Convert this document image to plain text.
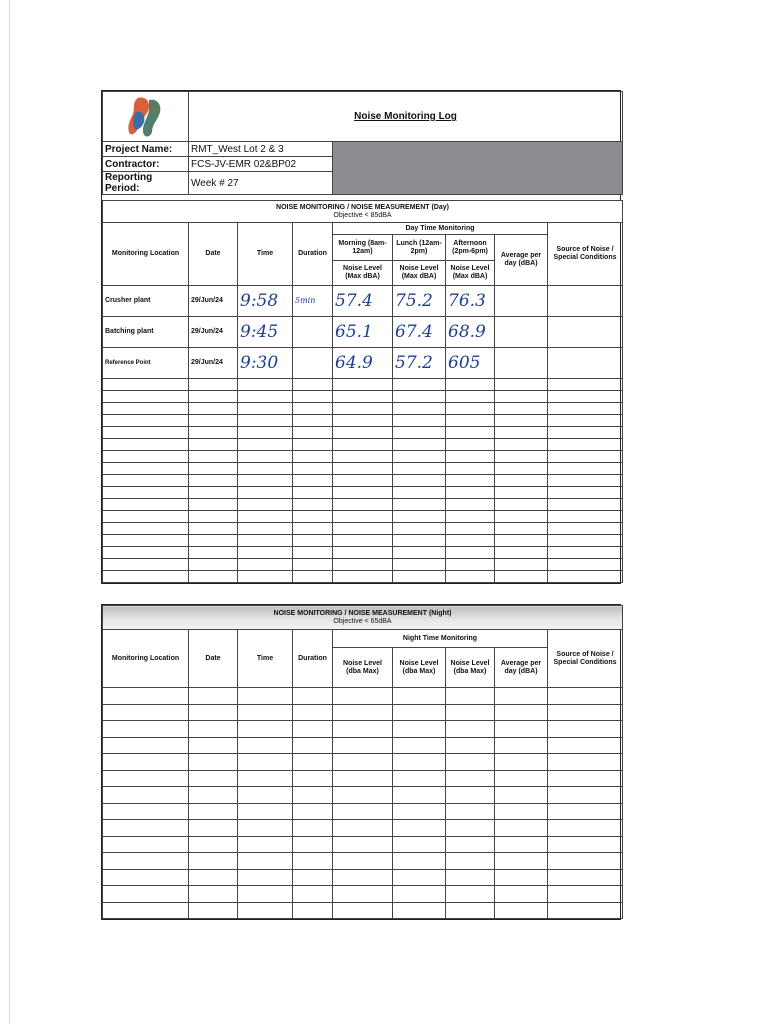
	Noise Monitoring Log							
Project Name:	RMT_West Lot 2 & 3							
Contractor:	FCS-JV-EMR 02&BP02							
Reporting Period:	Week # 27							

NOISE MONITORING / NOISE MEASUREMENT (Day)
Objective < 85dBA								

Monitoring Location	Date	Time	Duration	Day Time Monitoring				Source of Noise / Special Conditions
				Morning (8am-12am)	Lunch (12am-2pm)	Afternoon (2pm-6pm)	Average per day (dBA)	
				Noise Level (Max dBA)	Noise Level (Max dBA)	Noise Level (Max dBA)		
Crusher plant	29/Jun/24	9:58	5min	57.4	75.2	76.3		
Batching plant	29/Jun/24	9:45		65.1	67.4	68.9		
Reference Point	29/Jun/24	9:30		64.9	57.2	605		

NOISE MONITORING / NOISE MEASUREMENT (Night)
Objective < 65dBA								

Monitoring Location	Date	Time	Duration	Night Time Monitoring				Source of Noise / Special Conditions
				Noise Level (dba Max)	Noise Level (dba Max)	Noise Level (dba Max)	Average per day (dBA)	
